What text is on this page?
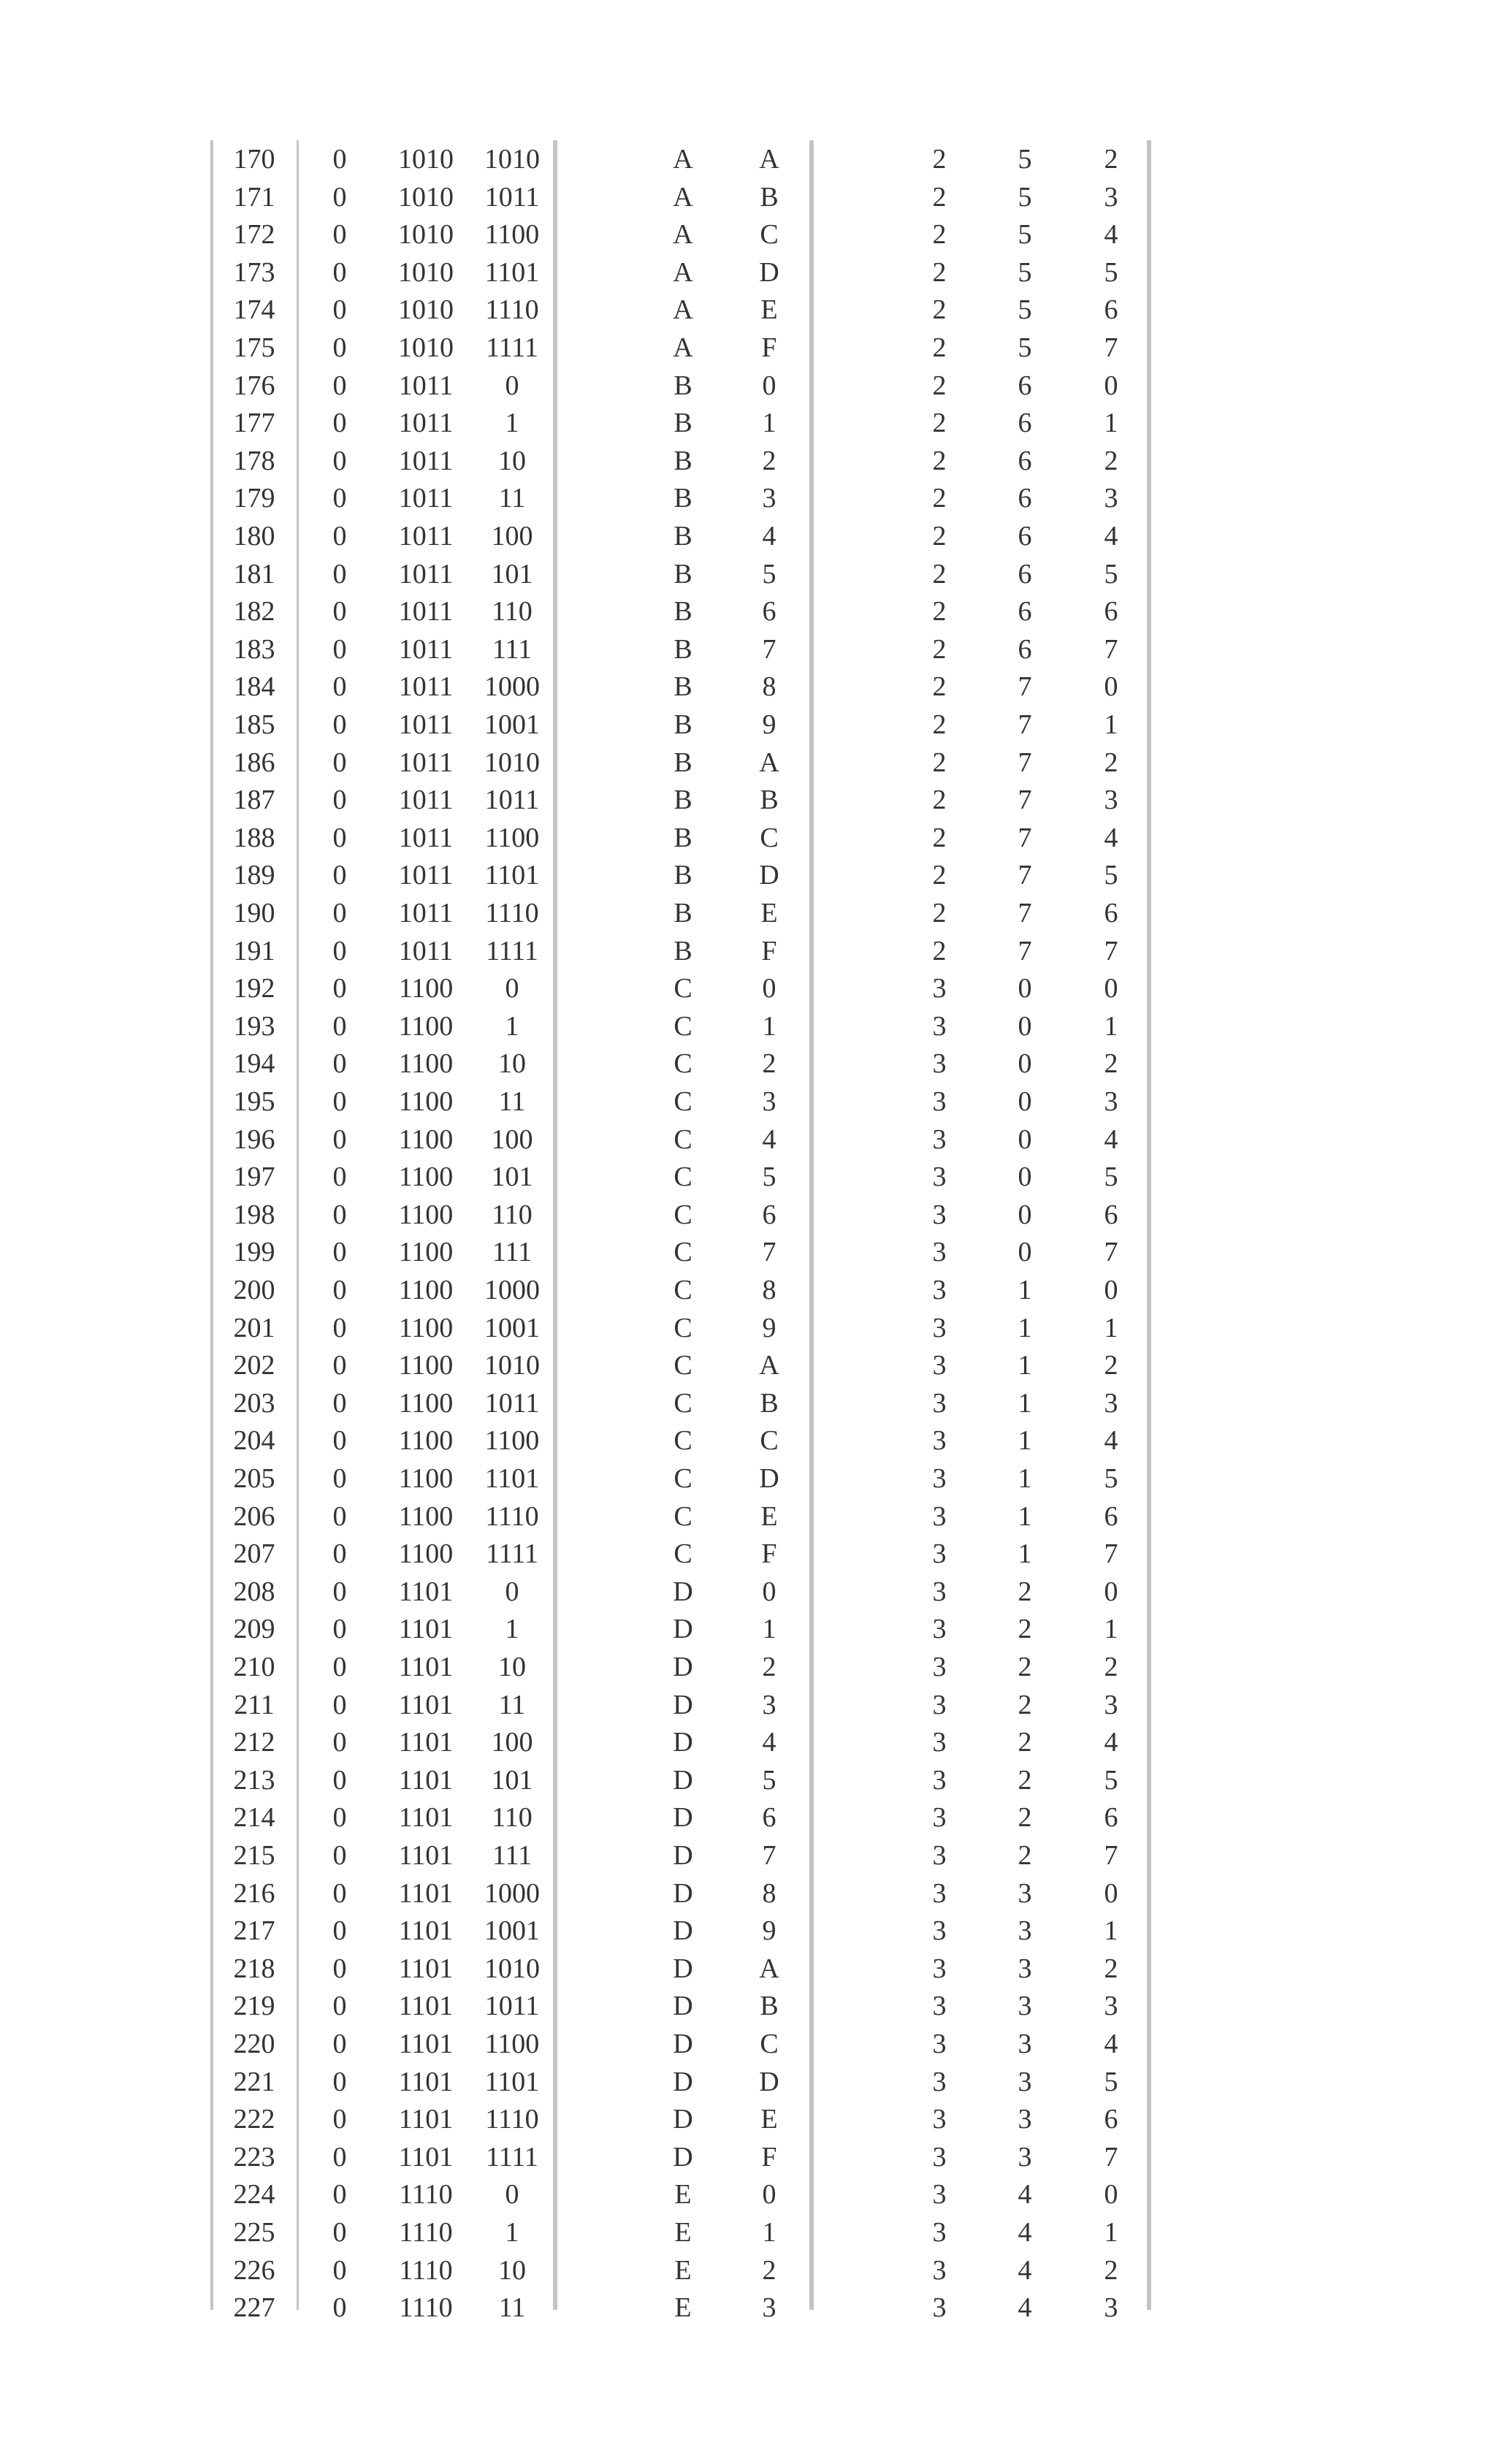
170	0	1010	1010	A	A	2	5	2
171	0	1010	1011	A	B	2	5	3
172	0	1010	1100	A	C	2	5	4
173	0	1010	1101	A	D	2	5	5
174	0	1010	1110	A	E	2	5	6
175	0	1010	1111	A	F	2	5	7
176	0	1011	0	B	0	2	6	0
177	0	1011	1	B	1	2	6	1
178	0	1011	10	B	2	2	6	2
179	0	1011	11	B	3	2	6	3
180	0	1011	100	B	4	2	6	4
181	0	1011	101	B	5	2	6	5
182	0	1011	110	B	6	2	6	6
183	0	1011	111	B	7	2	6	7
184	0	1011	1000	B	8	2	7	0
185	0	1011	1001	B	9	2	7	1
186	0	1011	1010	B	A	2	7	2
187	0	1011	1011	B	B	2	7	3
188	0	1011	1100	B	C	2	7	4
189	0	1011	1101	B	D	2	7	5
190	0	1011	1110	B	E	2	7	6
191	0	1011	1111	B	F	2	7	7
192	0	1100	0	C	0	3	0	0
193	0	1100	1	C	1	3	0	1
194	0	1100	10	C	2	3	0	2
195	0	1100	11	C	3	3	0	3
196	0	1100	100	C	4	3	0	4
197	0	1100	101	C	5	3	0	5
198	0	1100	110	C	6	3	0	6
199	0	1100	111	C	7	3	0	7
200	0	1100	1000	C	8	3	1	0
201	0	1100	1001	C	9	3	1	1
202	0	1100	1010	C	A	3	1	2
203	0	1100	1011	C	B	3	1	3
204	0	1100	1100	C	C	3	1	4
205	0	1100	1101	C	D	3	1	5
206	0	1100	1110	C	E	3	1	6
207	0	1100	1111	C	F	3	1	7
208	0	1101	0	D	0	3	2	0
209	0	1101	1	D	1	3	2	1
210	0	1101	10	D	2	3	2	2
211	0	1101	11	D	3	3	2	3
212	0	1101	100	D	4	3	2	4
213	0	1101	101	D	5	3	2	5
214	0	1101	110	D	6	3	2	6
215	0	1101	111	D	7	3	2	7
216	0	1101	1000	D	8	3	3	0
217	0	1101	1001	D	9	3	3	1
218	0	1101	1010	D	A	3	3	2
219	0	1101	1011	D	B	3	3	3
220	0	1101	1100	D	C	3	3	4
221	0	1101	1101	D	D	3	3	5
222	0	1101	1110	D	E	3	3	6
223	0	1101	1111	D	F	3	3	7
224	0	1110	0	E	0	3	4	0
225	0	1110	1	E	1	3	4	1
226	0	1110	10	E	2	3	4	2
227	0	1110	11	E	3	3	4	3
